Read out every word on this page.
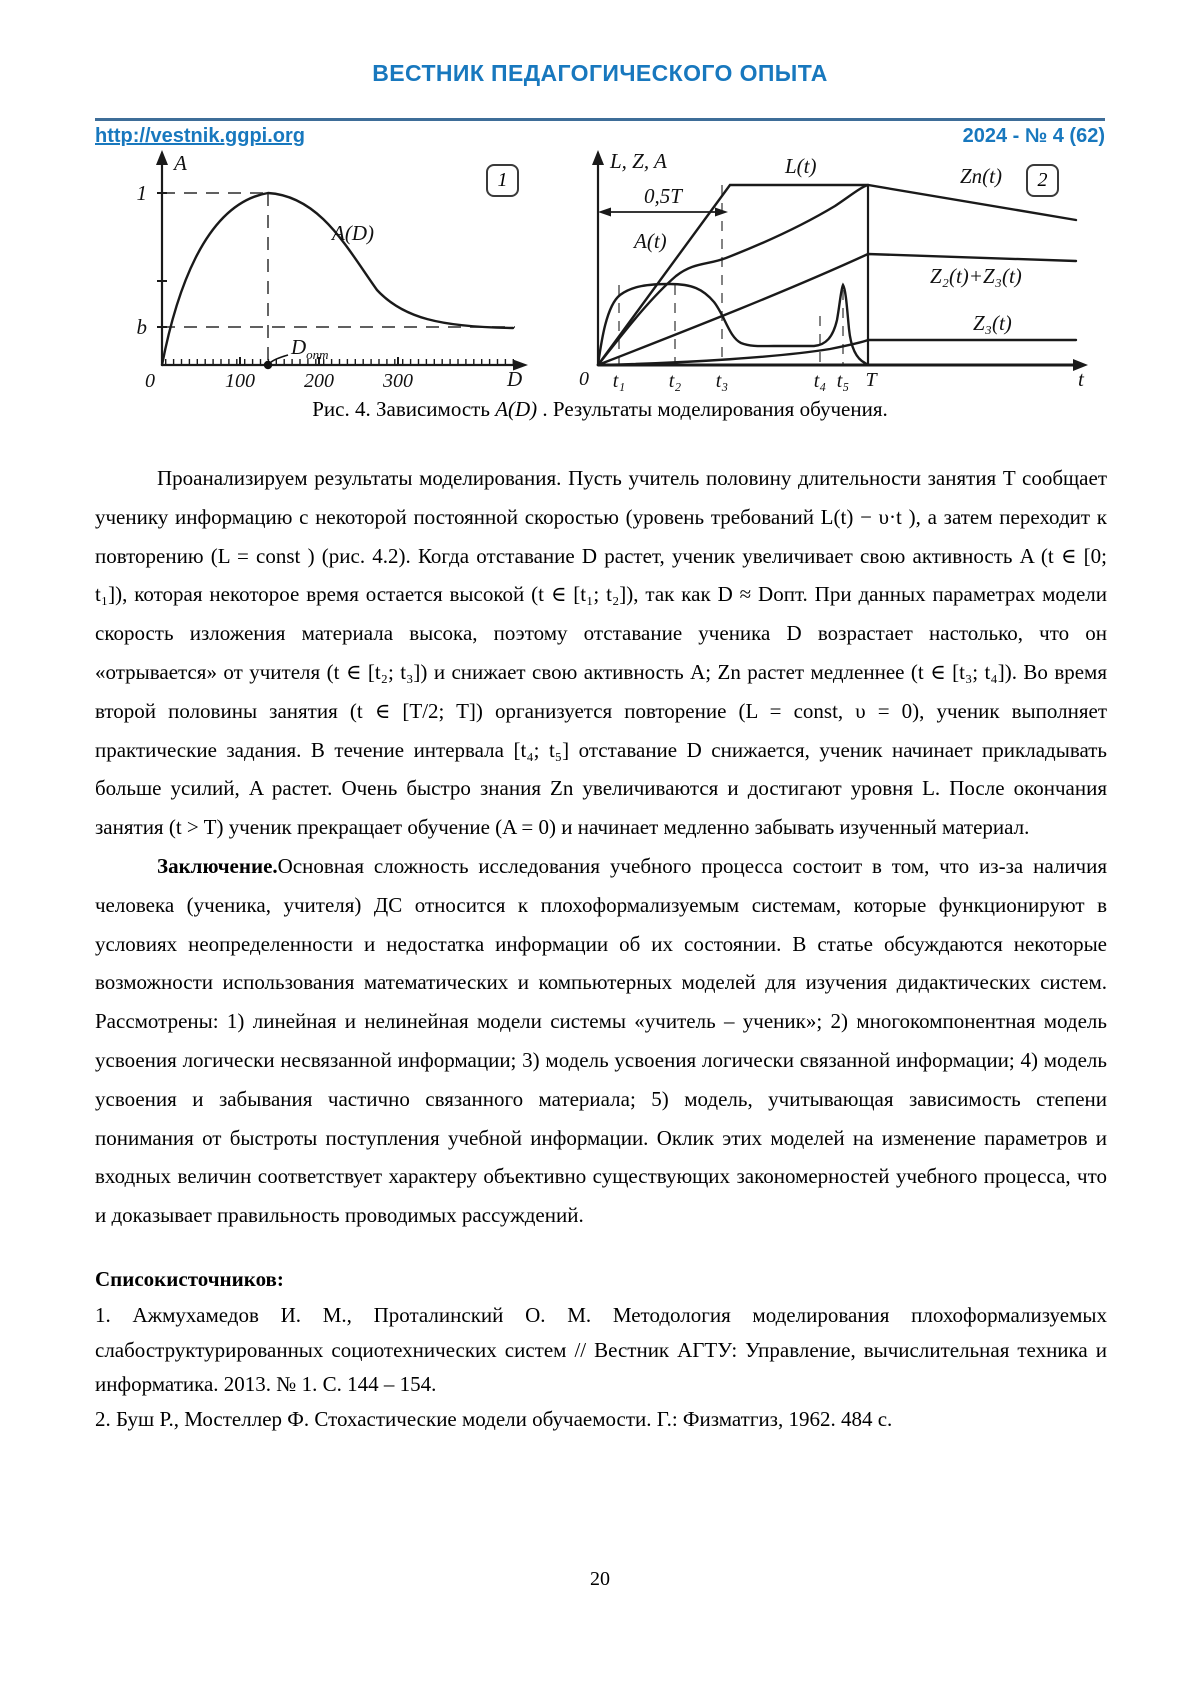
ВЕСТНИК ПЕДАГОГИЧЕСКОГО ОПЫТА
http://vestnik.ggpi.org	2024 - № 4 (62)
A
1
b
A(D)
$D_{опт}$
0	100 200 300	D
L, Z, A
0,5T
L(t)	Zn(t)
Z₂(t)+Z₃(t)
Z₃(t)
A(t)
0 t₁ t₂ t₃	t₄ t₅ T	t
1	2
Рис. 4. Зависимость A(D) . Результаты моделирования обучения.

Проанализируем результаты моделирования. Пусть учитель половину длительности занятия T сообщает ученику информацию с некоторой постоянной скоростью (уровень требований L(t) − υ·t ), а затем переходит к повторению (L = const ) (рис. 4.2). Когда отставание D растет, ученик увеличивает свою активность A (t ∈ [0; t₁]), которая некоторое время остается высокой (t ∈ [t₁; t₂]), так как D ≈ Dопт. При данных параметрах модели скорость изложения материала высока, поэтому отставание ученика D возрастает настолько, что он «отрывается» от учителя (t ∈ [t₂; t₃]) и снижает свою активность A; Zn растет медленнее (t ∈ [t₃; t₄]). Во время второй половины занятия (t ∈ [T/2; T]) организуется повторение (L = const, υ = 0), ученик выполняет практические задания. В течение интервала [t₄; t₅] отставание D снижается, ученик начинает прикладывать больше усилий, A растет. Очень быстро знания Zn увеличиваются и достигают уровня L. После окончания занятия (t > T) ученик прекращает обучение (A = 0) и начинает медленно забывать изученный материал.

Заключение.Основная сложность исследования учебного процесса состоит в том, что из-за наличия человека (ученика, учителя) ДС относится к плохоформализуемым системам, которые функционируют в условиях неопределенности и недостатка информации об их состоянии. В статье обсуждаются некоторые возможности использования математических и компьютерных моделей для изучения дидактических систем. Рассмотрены: 1) линейная и нелинейная модели системы «учитель – ученик»; 2) многокомпонентная модель усвоения логически несвязанной информации; 3) модель усвоения логически связанной информации; 4) модель усвоения и забывания частично связанного материала; 5) модель, учитывающая зависимость степени понимания от быстроты поступления учебной информации. Оклик этих моделей на изменение параметров и входных величин соответствует характеру объективно существующих закономерностей учебного процесса, что и доказывает правильность проводимых рассуждений.

Списокисточников:

1. Ажмухамедов И. М., Проталинский О. М. Методология моделирования плохоформализуемых слабоструктурированных социотехнических систем // Вестник АГТУ: Управление, вычислительная техника и информатика. 2013. № 1. С. 144 – 154.

2. Буш Р., Мостеллер Ф. Стохастические модели обучаемости. Г.: Физматгиз, 1962. 484 с.

20
